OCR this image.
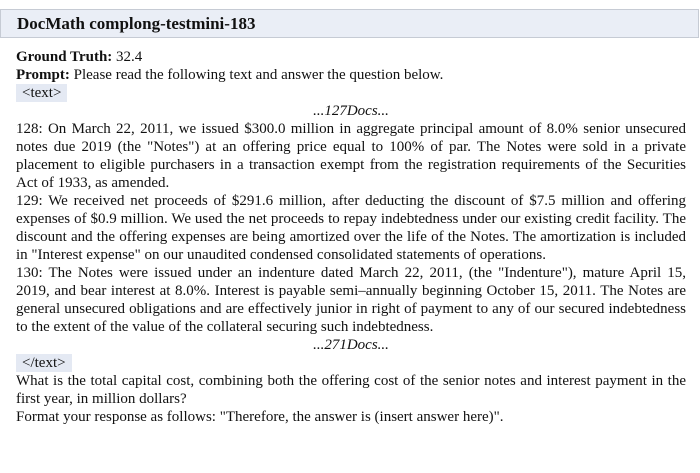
DocMath complong-testmini-183
Ground Truth: 32.4
Prompt: Please read the following text and answer the question below.
<text>
...127Docs...
128: On March 22, 2011, we issued $300.0 million in aggregate principal amount of 8.0% senior unsecured notes due 2019 (the "Notes") at an offering price equal to 100% of par. The Notes were sold in a private placement to eligible purchasers in a transaction exempt from the registration requirements of the Securities Act of 1933, as amended.
129: We received net proceeds of $291.6 million, after deducting the discount of $7.5 million and offering expenses of $0.9 million. We used the net proceeds to repay indebtedness under our existing credit facility. The discount and the offering expenses are being amortized over the life of the Notes. The amortization is included in "Interest expense" on our unaudited condensed consolidated statements of operations.
130: The Notes were issued under an indenture dated March 22, 2011, (the "Indenture"), mature April 15, 2019, and bear interest at 8.0%. Interest is payable semi–annually beginning October 15, 2011. The Notes are general unsecured obligations and are effectively junior in right of payment to any of our secured indebtedness to the extent of the value of the collateral securing such indebtedness.
...271Docs...
</text>
What is the total capital cost, combining both the offering cost of the senior notes and interest payment in the first year, in million dollars?
Format your response as follows: "Therefore, the answer is (insert answer here)".
